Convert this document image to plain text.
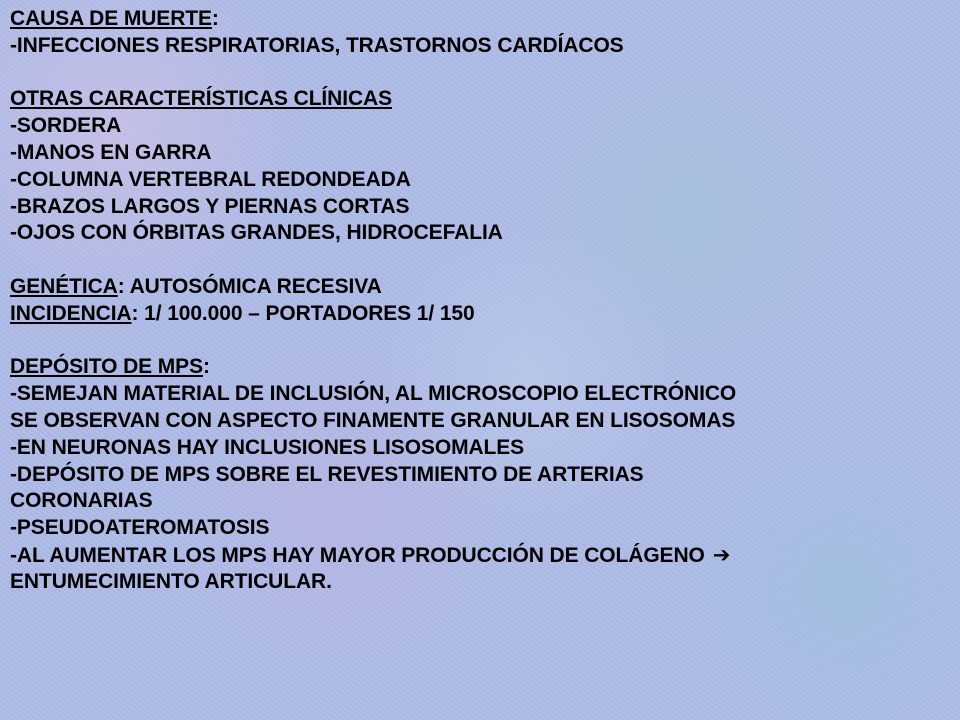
CAUSA DE MUERTE:
-INFECCIONES RESPIRATORIAS, TRASTORNOS CARDÍACOS
OTRAS CARACTERÍSTICAS CLÍNICAS
-SORDERA
-MANOS EN GARRA
-COLUMNA VERTEBRAL REDONDEADA
-BRAZOS LARGOS Y PIERNAS CORTAS
-OJOS CON ÓRBITAS GRANDES, HIDROCEFALIA
GENÉTICA: AUTOSÓMICA RECESIVA
INCIDENCIA: 1/ 100.000 – PORTADORES 1/ 150
DEPÓSITO DE MPS:
-SEMEJAN MATERIAL DE INCLUSIÓN, AL MICROSCOPIO ELECTRÓNICO
SE OBSERVAN CON ASPECTO FINAMENTE GRANULAR EN LISOSOMAS
-EN NEURONAS HAY INCLUSIONES LISOSOMALES
-DEPÓSITO DE MPS SOBRE EL REVESTIMIENTO DE ARTERIAS
CORONARIAS
-PSEUDOATEROMATOSIS
-AL AUMENTAR LOS MPS HAY MAYOR PRODUCCIÓN DE COLÁGENO ➔
ENTUMECIMIENTO ARTICULAR.
